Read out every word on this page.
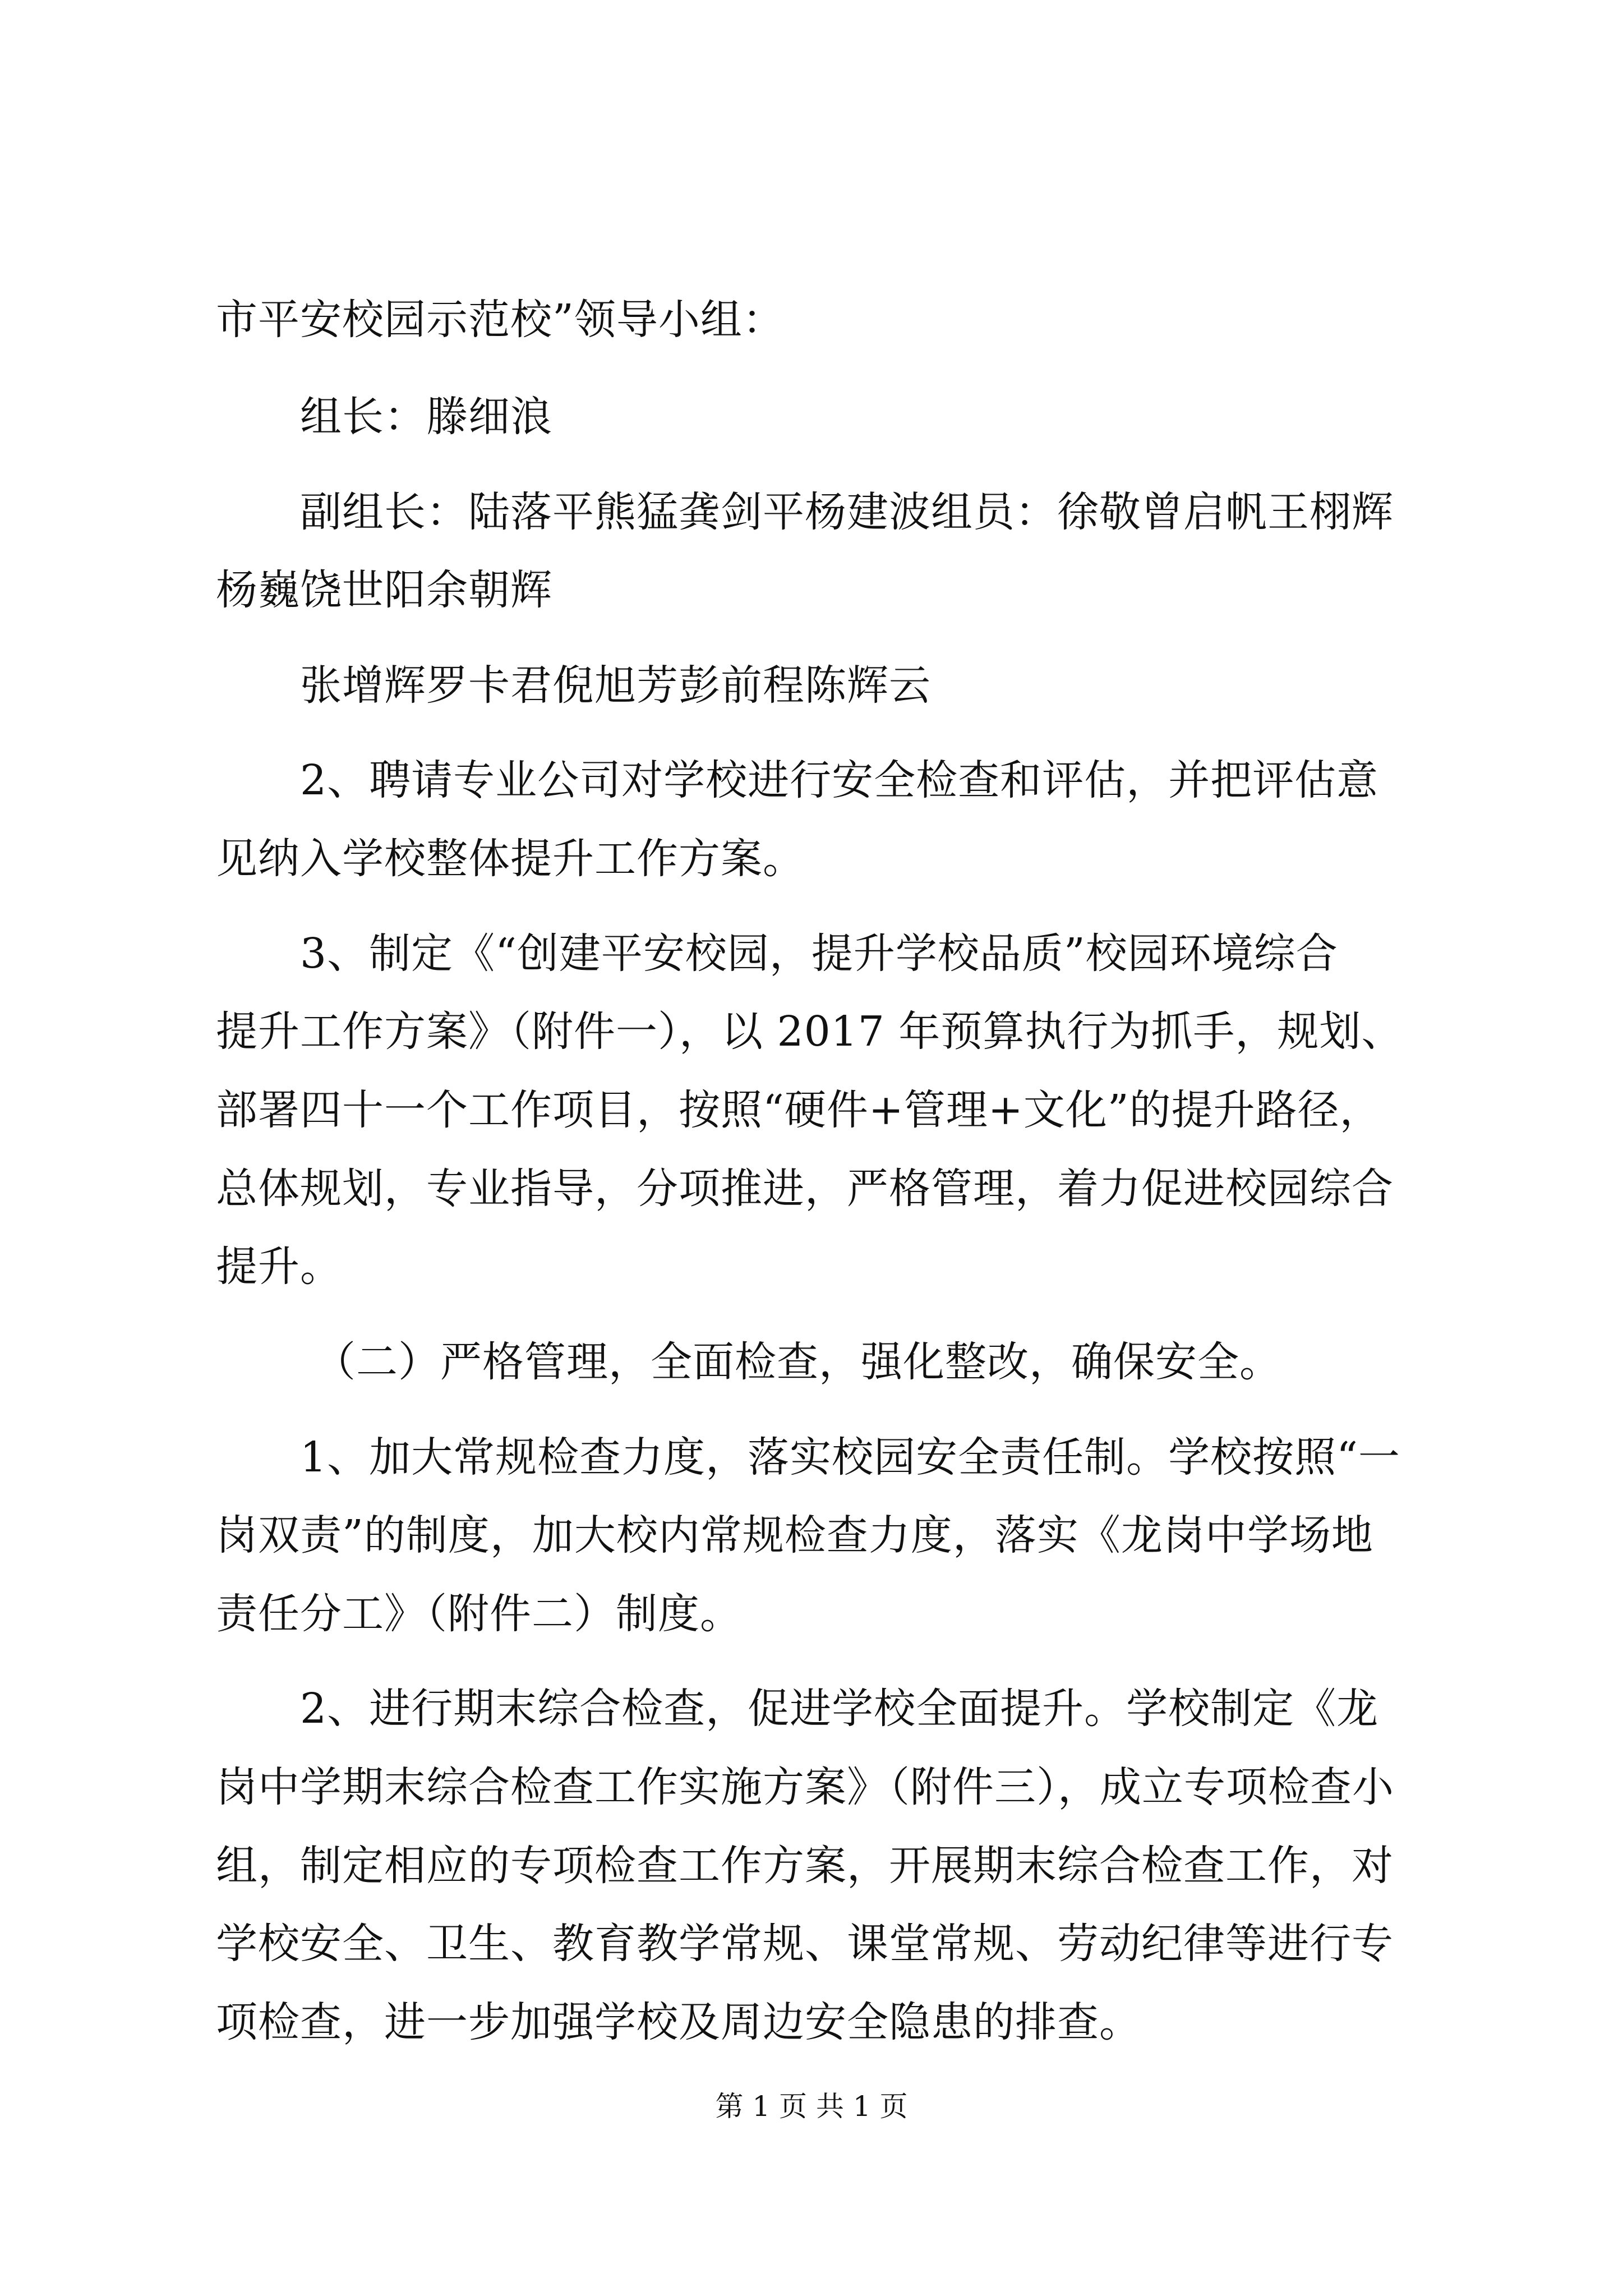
市平安校园示范校”领导小组：
组长：滕细浪
副组长：陆落平熊猛龚剑平杨建波组员：徐敬曾启帆王栩辉
杨巍饶世阳余朝辉
张增辉罗卡君倪旭芳彭前程陈辉云
2、聘请专业公司对学校进行安全检查和评估，并把评估意
见纳入学校整体提升工作方案。
3、制定《“创建平安校园，提升学校品质”校园环境综合
提升工作方案》（附件一），以 2017 年预算执行为抓手，规划、
部署四十一个工作项目，按照“硬件+管理+文化”的提升路径，
总体规划，专业指导，分项推进，严格管理，着力促进校园综合
提升。
（二）严格管理，全面检查，强化整改，确保安全。
1、加大常规检查力度，落实校园安全责任制。学校按照“一
岗双责”的制度，加大校内常规检查力度，落实《龙岗中学场地
责任分工》（附件二）制度。
2、进行期末综合检查，促进学校全面提升。学校制定《龙
岗中学期末综合检查工作实施方案》（附件三），成立专项检查小
组，制定相应的专项检查工作方案，开展期末综合检查工作，对
学校安全、卫生、教育教学常规、课堂常规、劳动纪律等进行专
项检查，进一步加强学校及周边安全隐患的排查。
第 1 页 共 1 页
